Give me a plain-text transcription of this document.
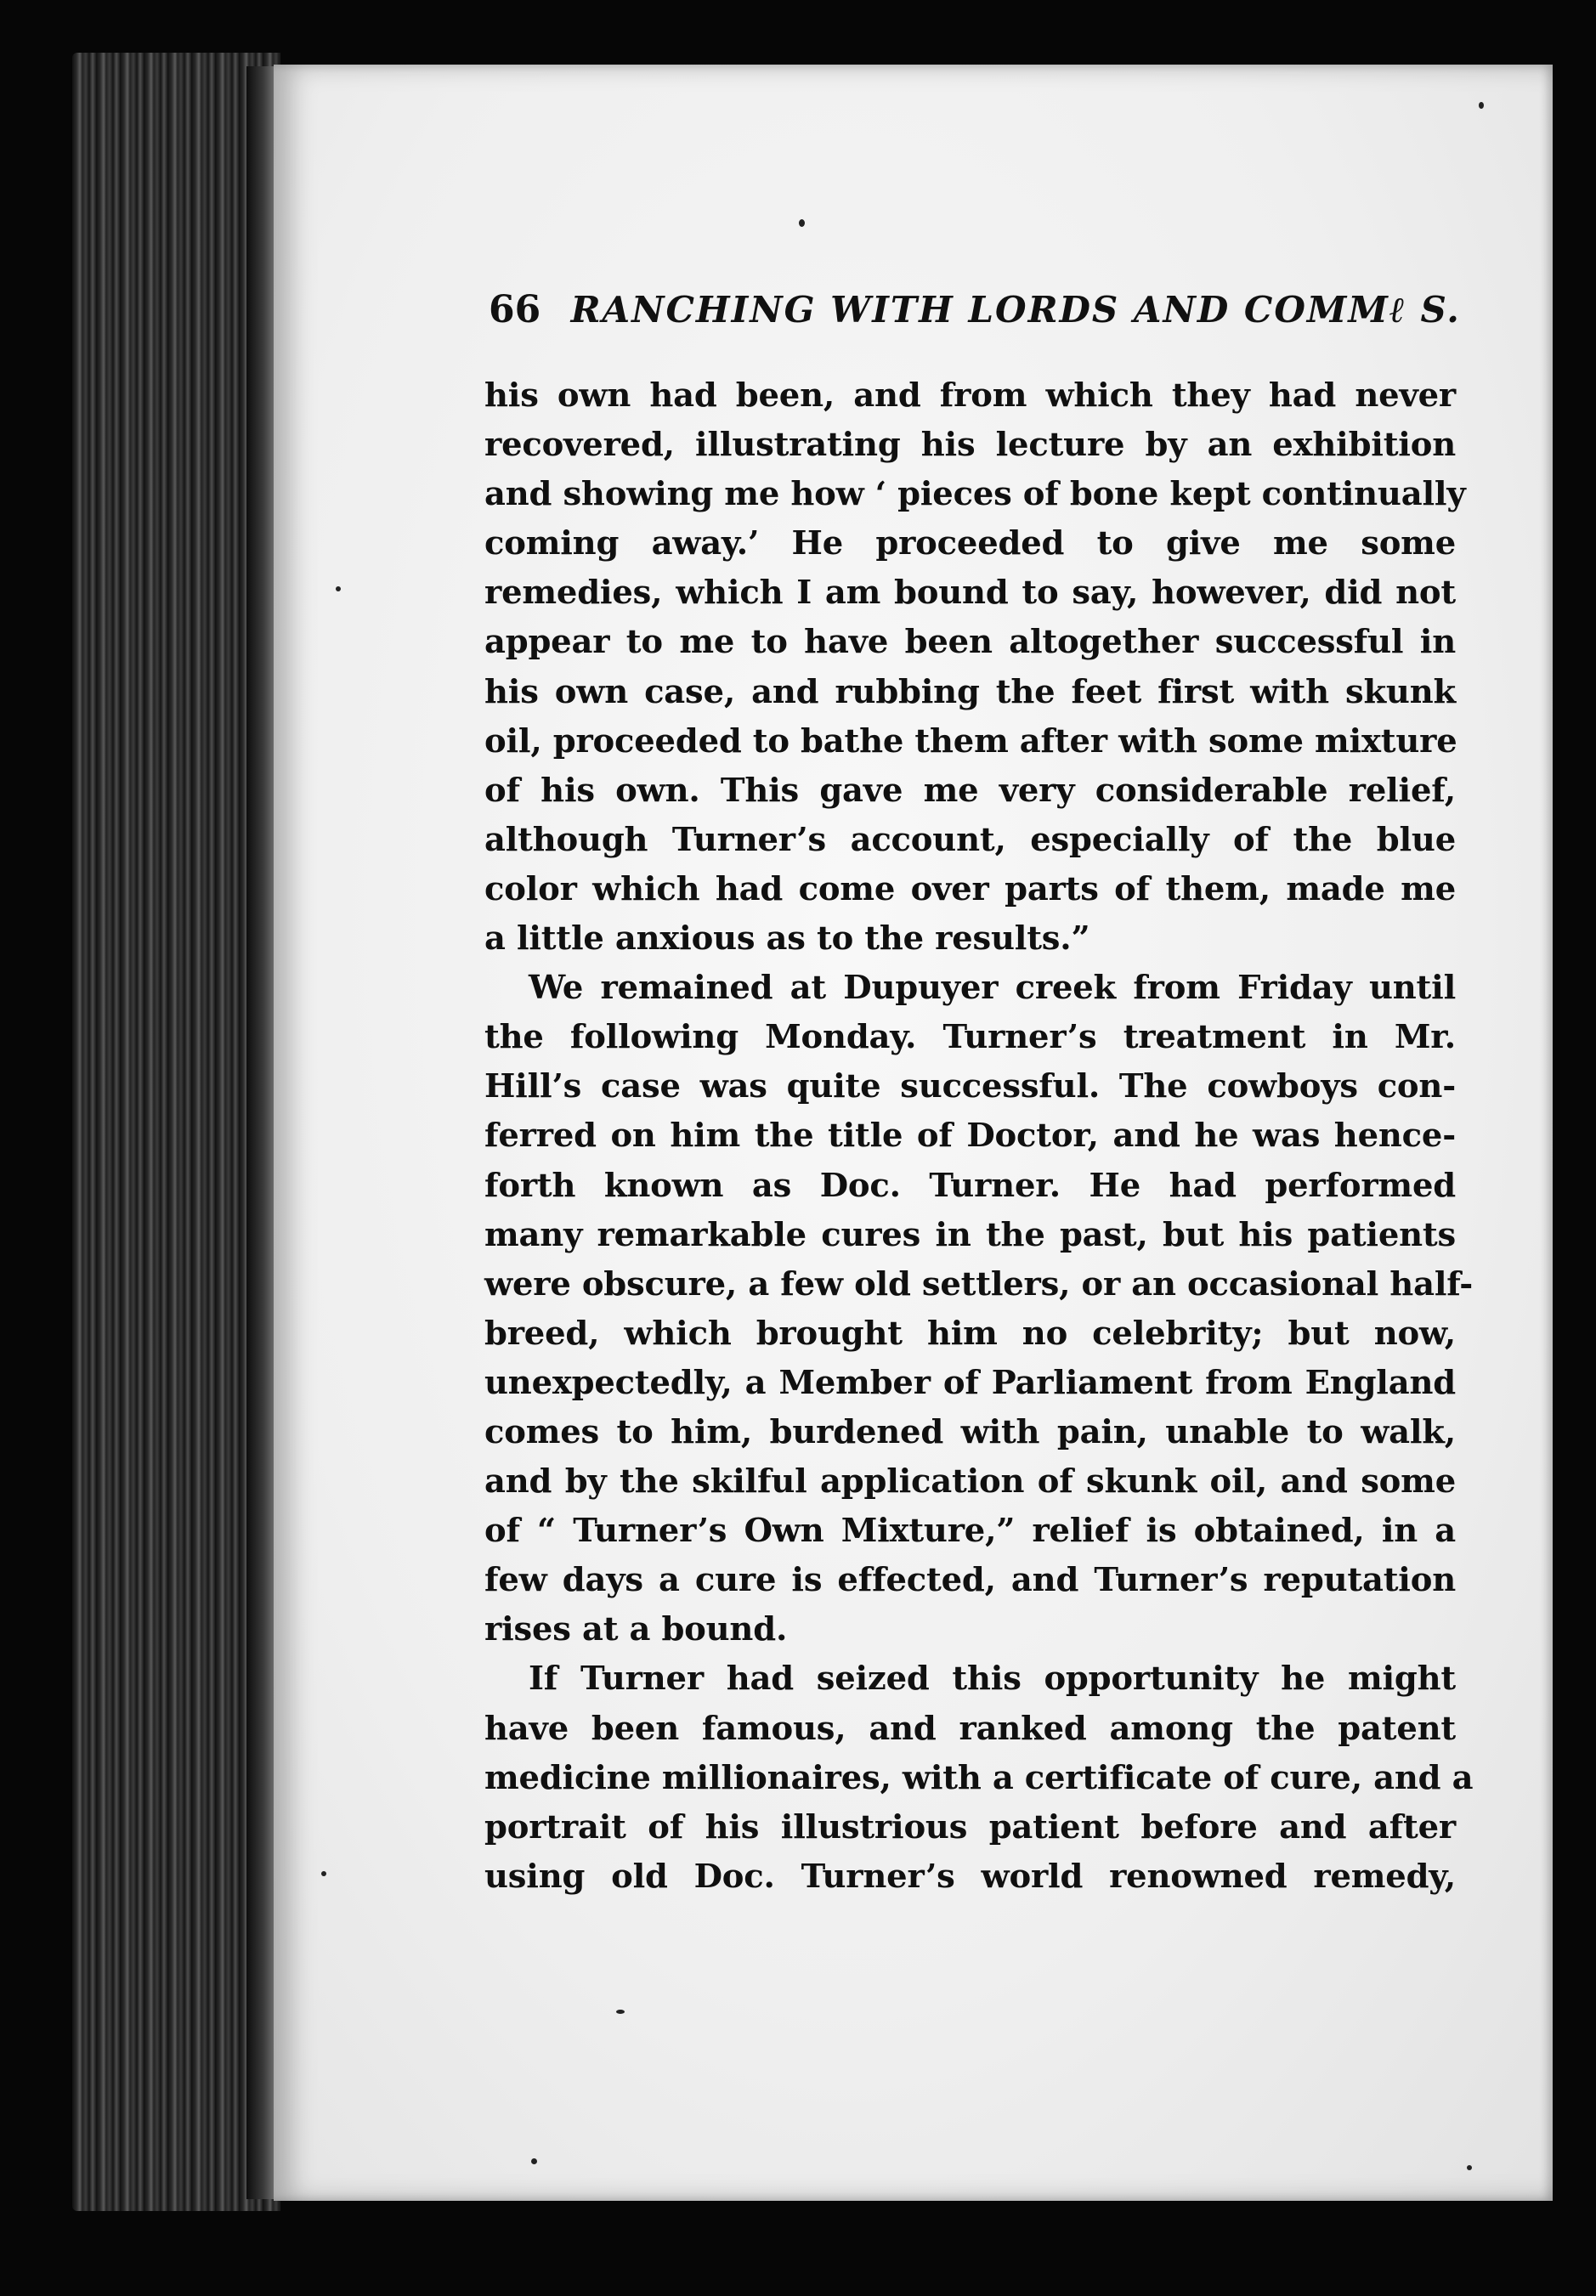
66 RANCHING WITH LORDS AND COMMℓ S.
his own had been, and from which they had never
recovered, illustrating his lecture by an exhibition
and showing me how ‘ pieces of bone kept continually
coming away.’ He proceeded to give me some
remedies, which I am bound to say, however, did not
appear to me to have been altogether successful in
his own case, and rubbing the feet first with skunk
oil, proceeded to bathe them after with some mixture
of his own. This gave me very considerable relief,
although Turner’s account, especially of the blue
color which had come over parts of them, made me
a little anxious as to the results.”
We remained at Dupuyer creek from Friday until
the following Monday. Turner’s treatment in Mr.
Hill’s case was quite successful. The cowboys con-
ferred on him the title of Doctor, and he was hence-
forth known as Doc. Turner. He had performed
many remarkable cures in the past, but his patients
were obscure, a few old settlers, or an occasional half-
breed, which brought him no celebrity; but now,
unexpectedly, a Member of Parliament from England
comes to him, burdened with pain, unable to walk,
and by the skilful application of skunk oil, and some
of “ Turner’s Own Mixture,” relief is obtained, in a
few days a cure is effected, and Turner’s reputation
rises at a bound.
If Turner had seized this opportunity he might
have been famous, and ranked among the patent
medicine millionaires, with a certificate of cure, and a
portrait of his illustrious patient before and after
using old Doc. Turner’s world renowned remedy,
